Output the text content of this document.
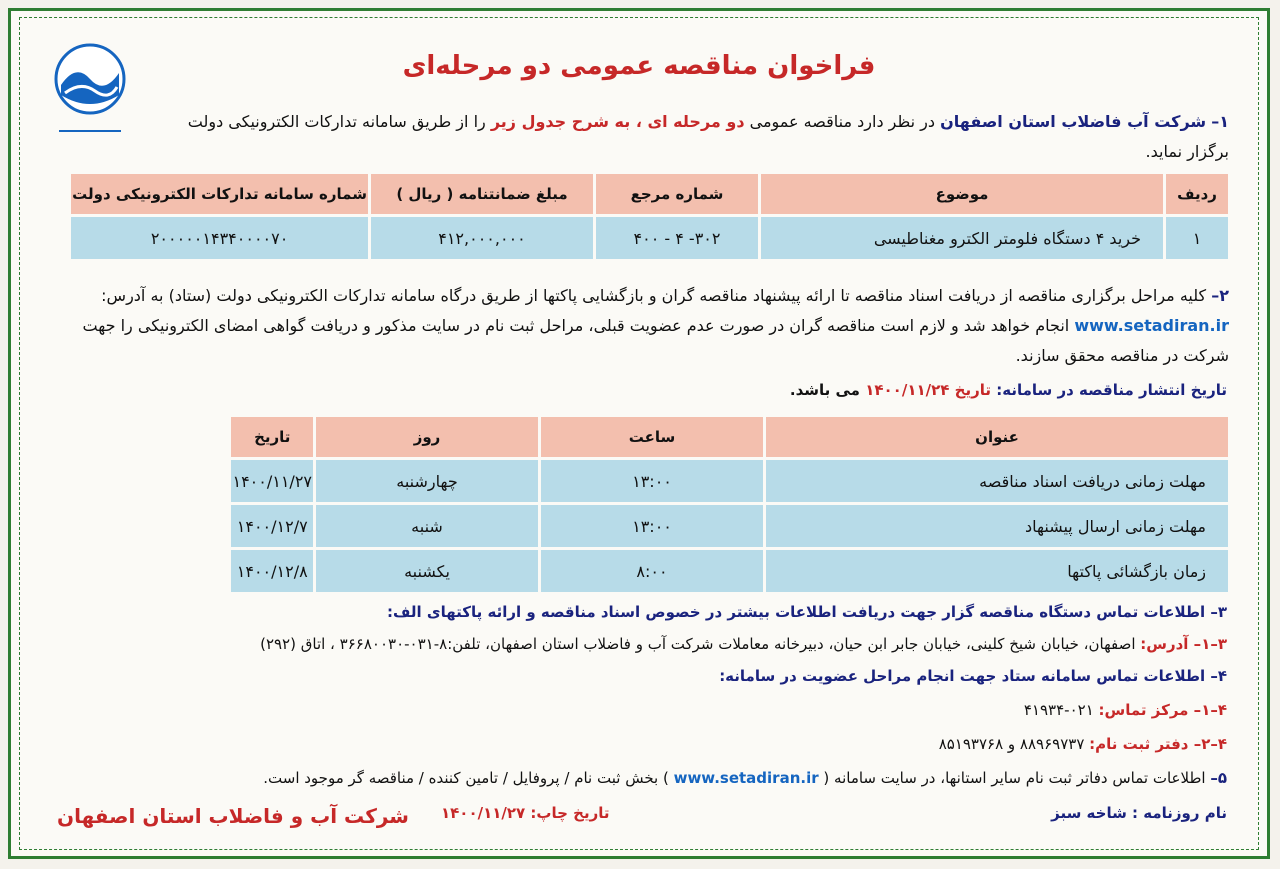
فراخوان مناقصه عمومی دو مرحله‌ای
۱– شرکت آب فاضلاب استان اصفهان در نظر دارد مناقصه عمومی دو مرحله ای ، به شرح جدول زیر را از طریق سامانه تدارکات الکترونیکی دولت برگزار نماید.
ردیف	موضوع	شماره مرجع	مبلغ ضمانتنامه ( ریال )	شماره سامانه تدارکات الکترونیکی دولت
۱	خرید ۴ دستگاه فلومتر الکترو مغناطیسی	۳۰۲- ۴ - ۴۰۰	۴۱۲,۰۰۰,۰۰۰	۲۰۰۰۰۰۱۴۳۴۰۰۰۰۷۰
۲– کلیه مراحل برگزاری مناقصه از دریافت اسناد مناقصه تا ارائه پیشنهاد مناقصه گران و بازگشایی پاکتها از طریق درگاه سامانه تدارکات الکترونیکی دولت (ستاد) به آدرس: www.setadiran.ir انجام خواهد شد و لازم است مناقصه گران در صورت عدم عضویت قبلی، مراحل ثبت نام در سایت مذکور و دریافت گواهی امضای الکترونیکی را جهت شرکت در مناقصه محقق سازند.
تاریخ انتشار مناقصه در سامانه: تاریخ ۱۴۰۰/۱۱/۲۴ می باشد.
عنوان	ساعت	روز	تاریخ
مهلت زمانی دریافت اسناد مناقصه	۱۳:۰۰	چهارشنبه	۱۴۰۰/۱۱/۲۷
مهلت زمانی ارسال پیشنهاد	۱۳:۰۰	شنبه	۱۴۰۰/۱۲/۷
زمان بازگشائی پاکتها	۸:۰۰	یکشنبه	۱۴۰۰/۱۲/۸
۳– اطلاعات تماس دستگاه مناقصه گزار جهت دریافت اطلاعات بیشتر در خصوص اسناد مناقصه و ارائه پاکتهای الف:
۳–۱– آدرس: اصفهان، خیابان شیخ کلینی، خیابان جابر ابن حیان، دبیرخانه معاملات شرکت آب و فاضلاب استان اصفهان، تلفن:۸-۰۳۱-۳۶۶۸۰۰۳۰ ، اتاق (۲۹۲)
۴– اطلاعات تماس سامانه ستاد جهت انجام مراحل عضویت در سامانه:
۴–۱– مرکز تماس: ۰۲۱-۴۱۹۳۴
۴–۲– دفتر ثبت نام: ۸۸۹۶۹۷۳۷ و ۸۵۱۹۳۷۶۸
۵– اطلاعات تماس دفاتر ثبت نام سایر استانها، در سایت سامانه ( www.setadiran.ir ) بخش ثبت نام / پروفایل / تامین کننده / مناقصه گر موجود است.
نام روزنامه : شاخه سبز
تاریخ چاپ: ۱۴۰۰/۱۱/۲۷
شرکت آب و فاضلاب استان اصفهان
